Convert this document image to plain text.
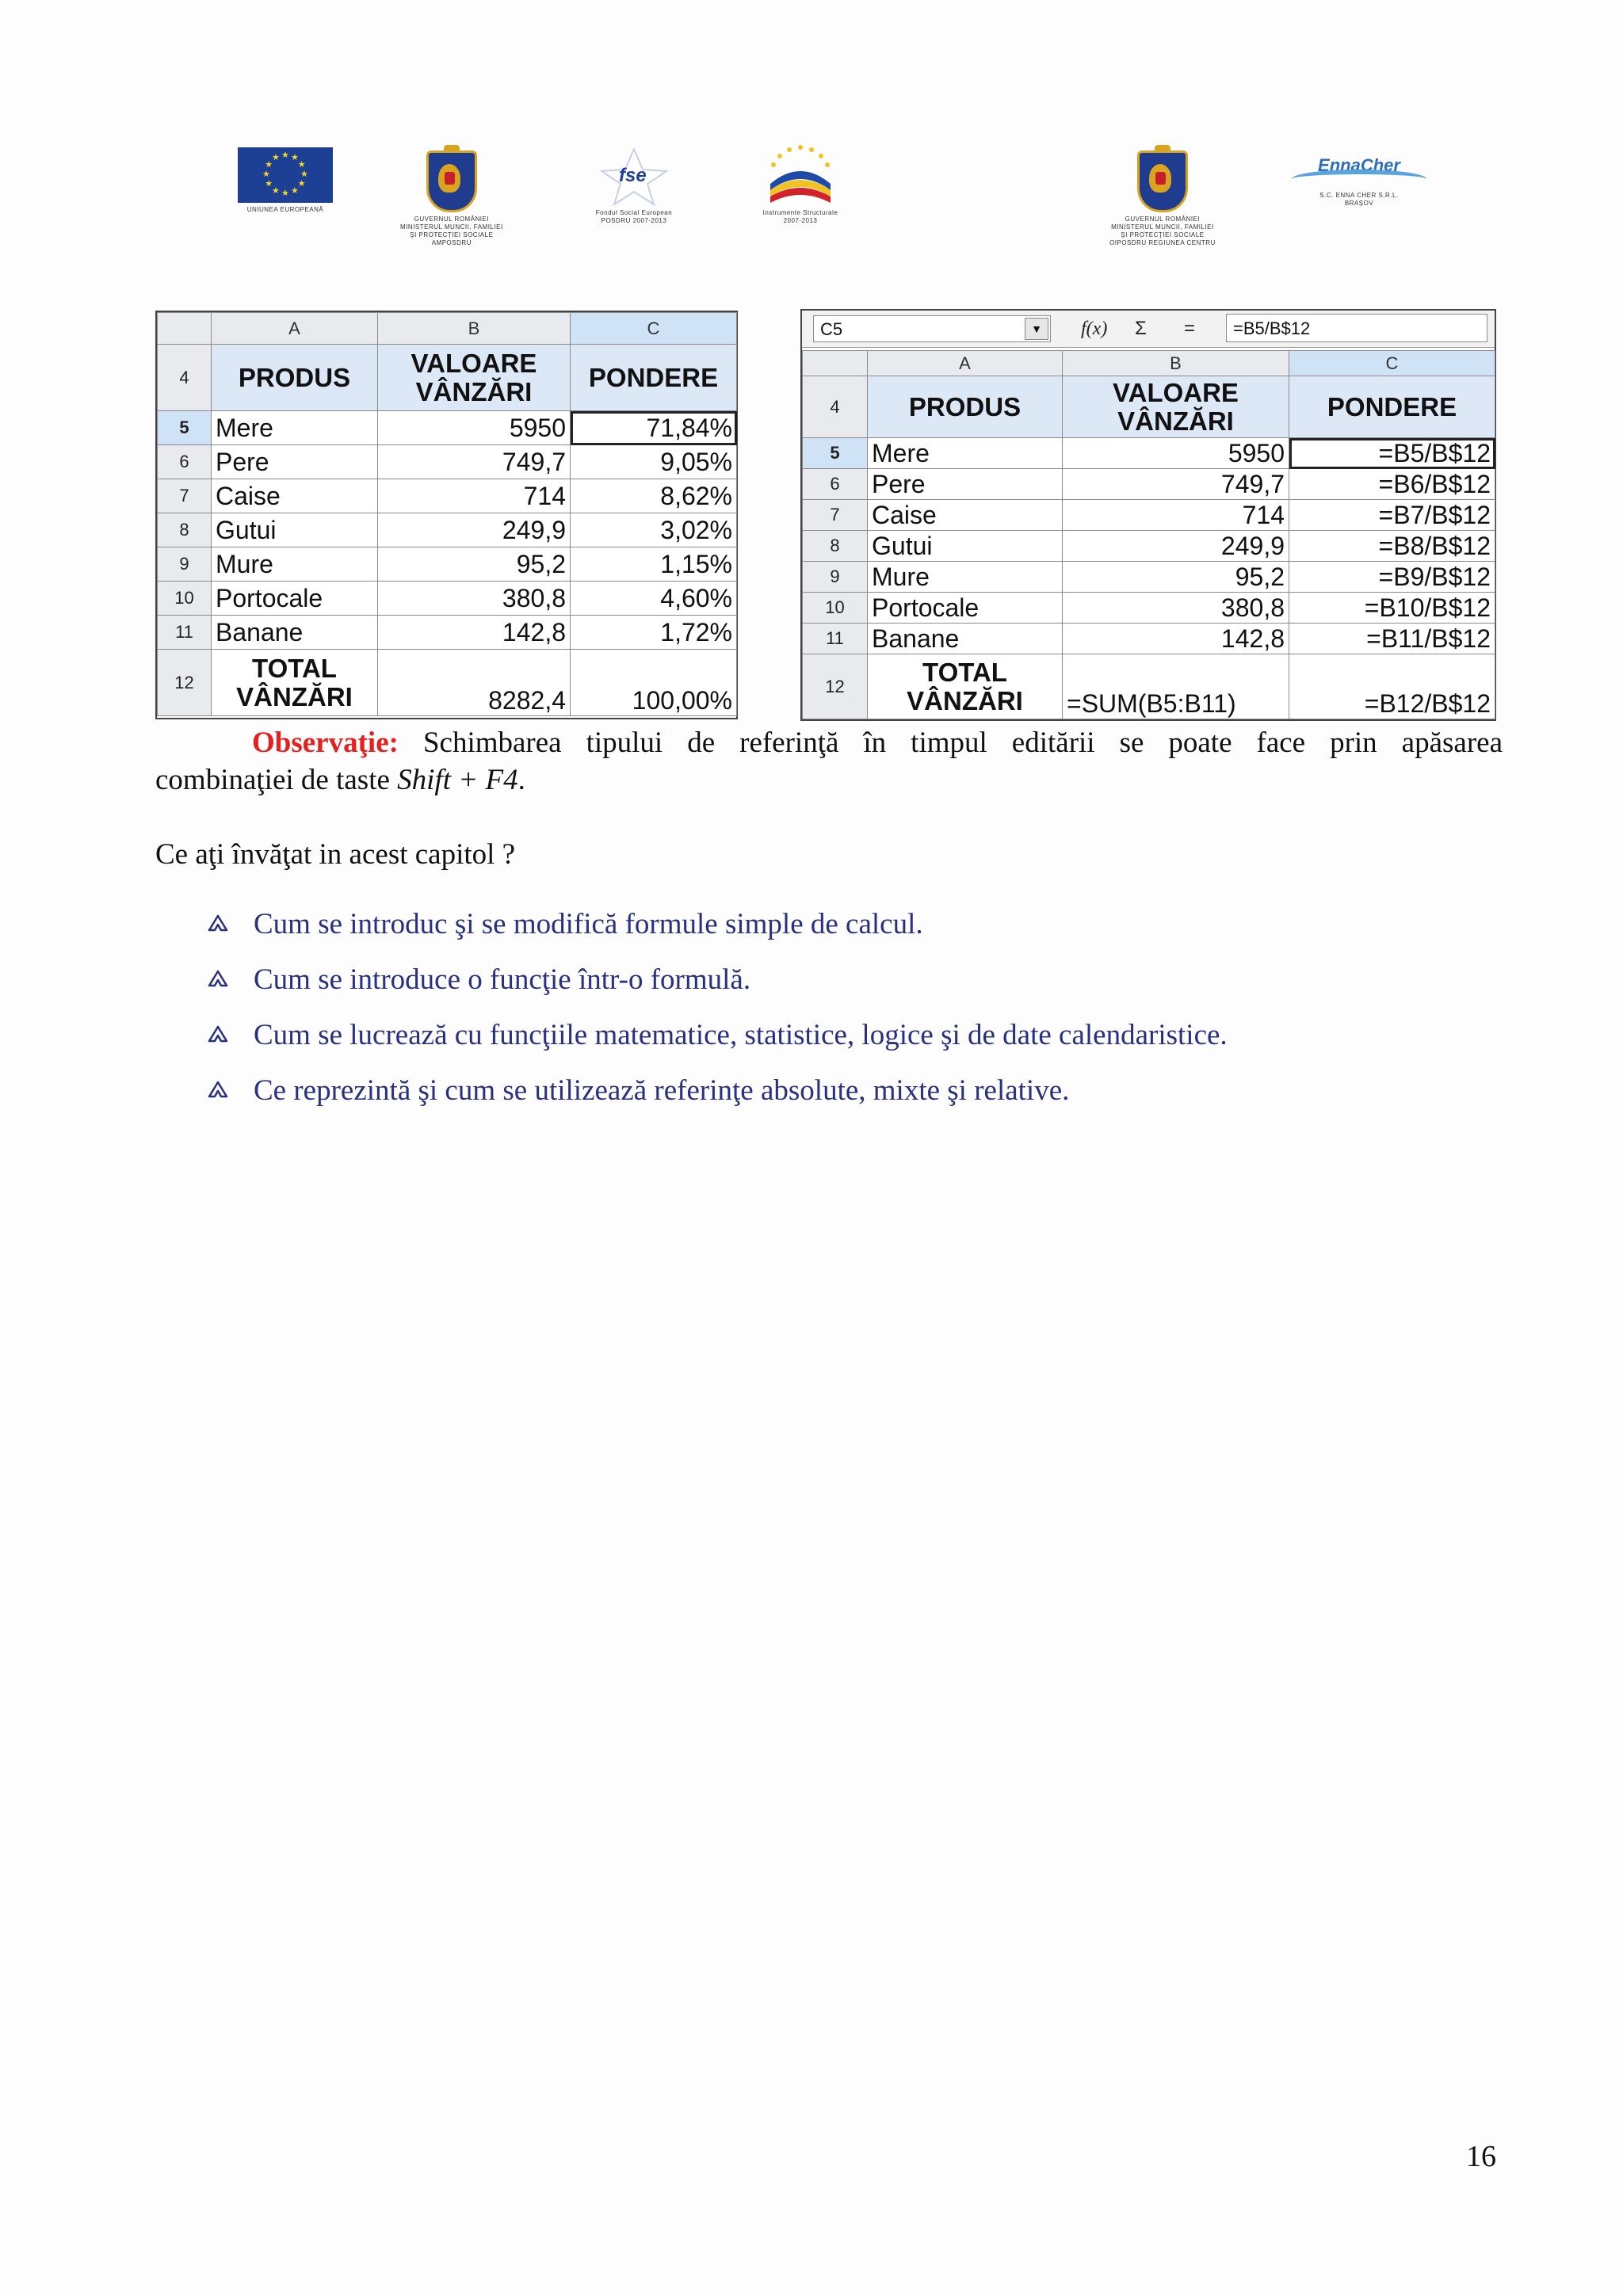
★
★
★
★
★
★
★
★
★ ★ ★
★
UNIUNEA EUROPEANĂ
GUVERNUL ROMÂNIEI
MINISTERUL MUNCII, FAMILIEI
ŞI PROTECŢIEI SOCIALE
AMPOSDRU
fse
Fondul Social European
POSDRU 2007-2013
Instrumente Structurale
2007-2013	GUVERNUL ROMÂNIEI
MINISTERUL MUNCII, FAMILIEI
ŞI PROTECŢIEI SOCIALE
OIPOSDRU REGIUNEA CENTRU
EnnaCher
S.C. ENNA CHER S.R.L.
BRAŞOV
	A	B	C
4	PRODUS	VALOARE VÂNZĂRI	PONDERE
5	Mere	5950	71,84%
6	Pere	749,7	9,05%
7	Caise	714	8,62%
8	Gutui	249,9	3,02%
9	Mure	95,2	1,15%
10	Portocale	380,8	4,60%
11	Banane	142,8	1,72%
12	TOTAL VÂNZĂRI	8282,4	100,00%
C5	▼	f(x) Σ =	=B5/B$12
	A	B	C
4	PRODUS	VALOARE VÂNZĂRI	PONDERE
5	Mere	5950	=B5/B$12
6	Pere	749,7	=B6/B$12
7	Caise	714	=B7/B$12
8	Gutui	249,9	=B8/B$12
9	Mure	95,2	=B9/B$12
10	Portocale	380,8	=B10/B$12
11	Banane	142,8	=B11/B$12
12	TOTAL VÂNZĂRI	=SUM(B5:B11)	=B12/B$12
Observaţie: Schimbarea tipului de referinţă în timpul editării se poate face prin apăsarea
combinaţiei de taste Shift + F4.
Ce aţi învăţat in acest capitol ?
Cum se introduc şi se modifică formule simple de calcul.
Cum se introduce o funcţie într-o formulă.
Cum se lucrează cu funcţiile matematice, statistice, logice şi de date calendaristice.
Ce reprezintă şi cum se utilizează referinţe absolute, mixte şi relative.
16
